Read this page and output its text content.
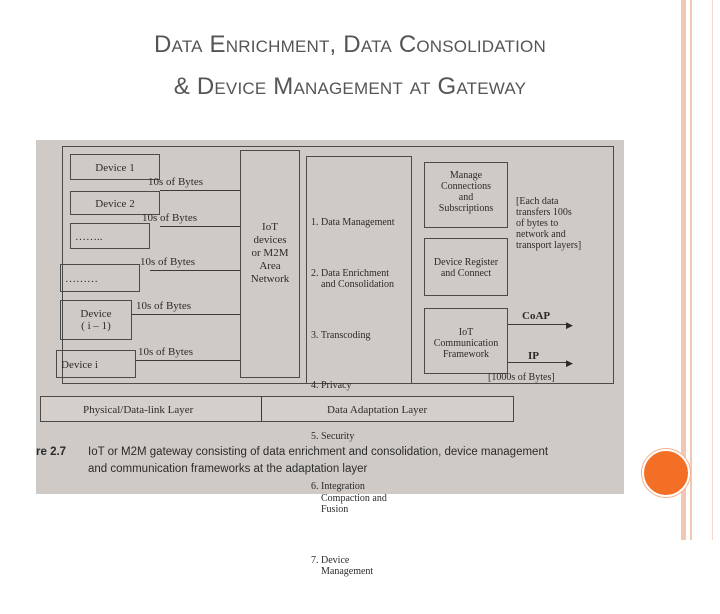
Data Enrichment, Data Consolidation
& Device Management at Gateway
Device 1
Device 2
……..
………
Device
( i – 1)
Device i
10s of Bytes
10s of Bytes
10s of Bytes
10s of Bytes
10s of Bytes
IoT
devices
or M2M
Area
Network

1. Data Management

2. Data Enrichment
and Consolidation

3. Transcoding

4. Privacy

5. Security

6. Integration
Compaction and
Fusion

7. Device
Management

Manage
Connections
and
Subscriptions
Device Register
and Connect
IoT
Communication
Framework
[Each data
transfers 100s
of bytes to
network and
transport layers]
CoAP
▶
IP
▶
[1000s of Bytes]
Physical/Data-link Layer	Data Adaptation Layer
re 2.7	IoT or M2M gateway consisting of data enrichment and consolidation, device management
and communication frameworks at the adaptation layer
